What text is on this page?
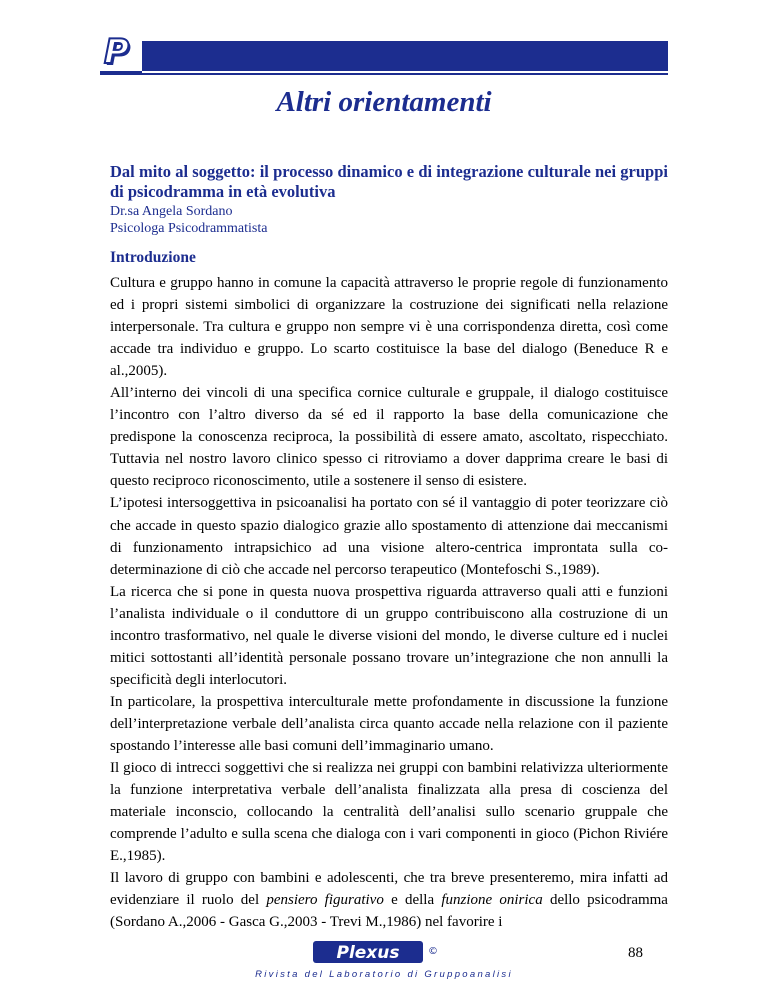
P
Altri orientamenti
Dal mito al soggetto: il processo dinamico e di integrazione culturale nei gruppi di psicodramma in età evolutiva
Dr.sa Angela Sordano
Psicologa Psicodrammatista
Introduzione

Cultura e gruppo hanno in comune la capacità attraverso le proprie regole di funzionamento ed i propri sistemi simbolici di organizzare la costruzione dei significati nella relazione interpersonale. Tra cultura e gruppo non sempre vi è una corrispondenza diretta, così come accade tra individuo e gruppo. Lo scarto costituisce la base del dialogo (Beneduce R e al.,2005).

All’interno dei vincoli di una specifica cornice culturale e gruppale, il dialogo costituisce l’incontro con l’altro diverso da sé ed il rapporto la base della comunicazione che predispone la conoscenza reciproca, la possibilità di essere amato, ascoltato, rispecchiato. Tuttavia nel nostro lavoro clinico spesso ci ritroviamo a dover dapprima creare le basi di questo reciproco riconoscimento, utile a sostenere il senso di esistere.

L’ipotesi intersoggettiva in psicoanalisi ha portato con sé il vantaggio di poter teorizzare ciò che accade in questo spazio dialogico grazie allo spostamento di attenzione dai meccanismi di funzionamento intrapsichico ad una visione altero-centrica improntata sulla co-determinazione di ciò che accade nel percorso terapeutico (Montefoschi S.,1989).

La ricerca che si pone in questa nuova prospettiva riguarda attraverso quali atti e funzioni l’analista individuale o il conduttore di un gruppo contribuiscono alla costruzione di un incontro trasformativo, nel quale le diverse visioni del mondo, le diverse culture ed i nuclei mitici sottostanti all’identità personale possano trovare un’integrazione che non annulli la specificità degli interlocutori.

In particolare, la prospettiva interculturale mette profondamente in discussione la funzione dell’interpretazione verbale dell’analista circa quanto accade nella relazione con il paziente spostando l’interesse alle basi comuni dell’immaginario umano.

Il gioco di intrecci soggettivi che si realizza nei gruppi con bambini relativizza ulteriormente la funzione interpretativa verbale dell’analista finalizzata alla presa di coscienza del materiale inconscio, collocando la centralità dell’analisi sullo scenario gruppale che comprende l’adulto e sulla scena che dialoga con i vari componenti in gioco (Pichon Riviére E.,1985).

Il lavoro di gruppo con bambini e adolescenti, che tra breve presenteremo, mira infatti ad evidenziare il ruolo del pensiero figurativo e della funzione onirica dello psicodramma (Sordano A.,2006 - Gasca G.,2003 - Trevi M.,1986) nel favorire i

Plexus	©
Rivista del Laboratorio di Gruppoanalisi
88
